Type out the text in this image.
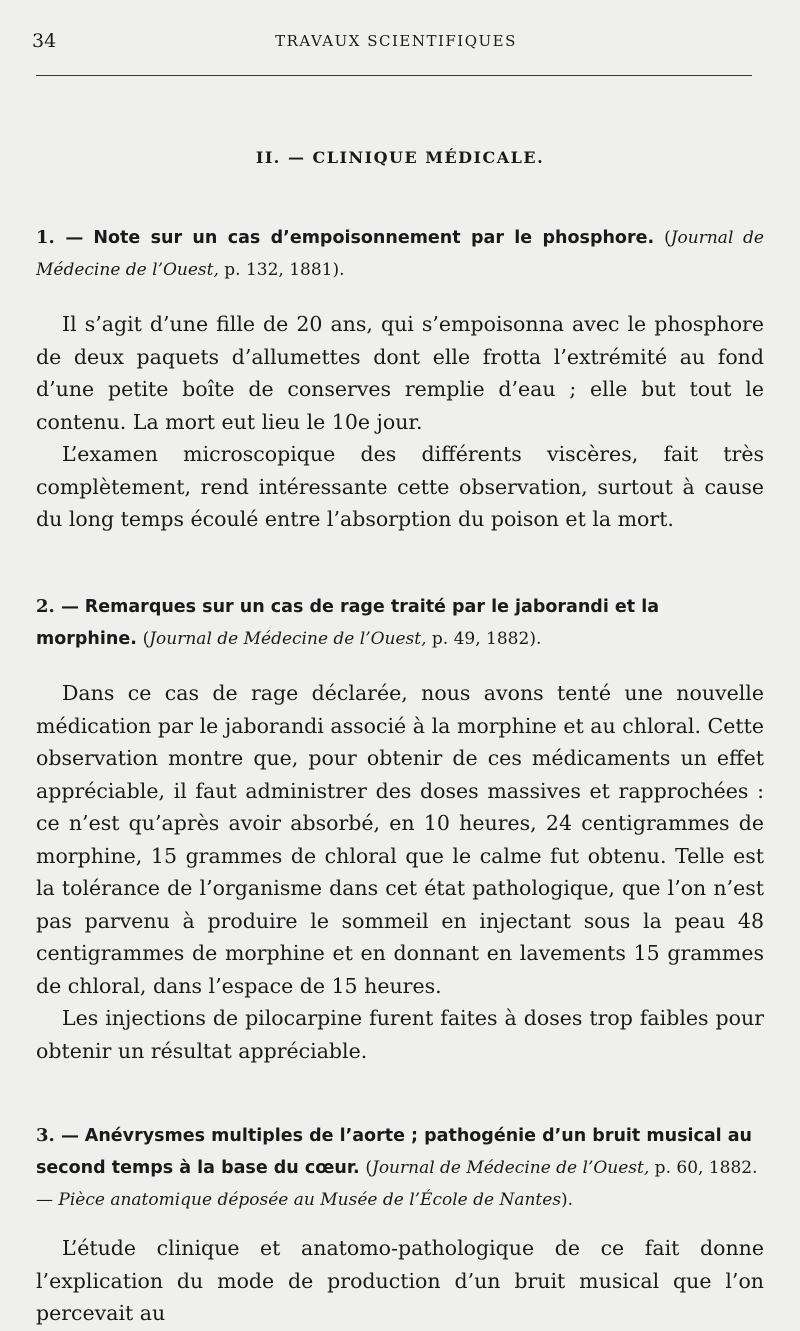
34	TRAVAUX SCIENTIFIQUES
II. — CLINIQUE MÉDICALE.
1. — Note sur un cas d’empoisonnement par le phosphore. (Journal de Médecine de l’Ouest, p. 132, 1881).

Il s’agit d’une fille de 20 ans, qui s’empoisonna avec le phosphore de deux paquets d’allumettes dont elle frotta l’extrémité au fond d’une petite boîte de conserves remplie d’eau ; elle but tout le contenu. La mort eut lieu le 10e jour.

L’examen microscopique des différents viscères, fait très complètement, rend intéressante cette observation, surtout à cause du long temps écoulé entre l’absorption du poison et la mort.

2. — Remarques sur un cas de rage traité par le jaborandi et la morphine. (Journal de Médecine de l’Ouest, p. 49, 1882).

Dans ce cas de rage déclarée, nous avons tenté une nouvelle médication par le jaborandi associé à la morphine et au chloral. Cette observation montre que, pour obtenir de ces médicaments un effet appréciable, il faut administrer des doses massives et rapprochées : ce n’est qu’après avoir absorbé, en 10 heures, 24 centigrammes de morphine, 15 grammes de chloral que le calme fut obtenu. Telle est la tolérance de l’organisme dans cet état pathologique, que l’on n’est pas parvenu à produire le sommeil en injectant sous la peau 48 centigrammes de morphine et en donnant en lavements 15 grammes de chloral, dans l’espace de 15 heures.

Les injections de pilocarpine furent faites à doses trop faibles pour obtenir un résultat appréciable.

3. — Anévrysmes multiples de l’aorte ; pathogénie d’un bruit musical au second temps à la base du cœur. (Journal de Médecine de l’Ouest, p. 60, 1882. — Pièce anatomique déposée au Musée de l’École de Nantes).

L’étude clinique et anatomo-pathologique de ce fait donne l’explication du mode de production d’un bruit musical que l’on percevait au
